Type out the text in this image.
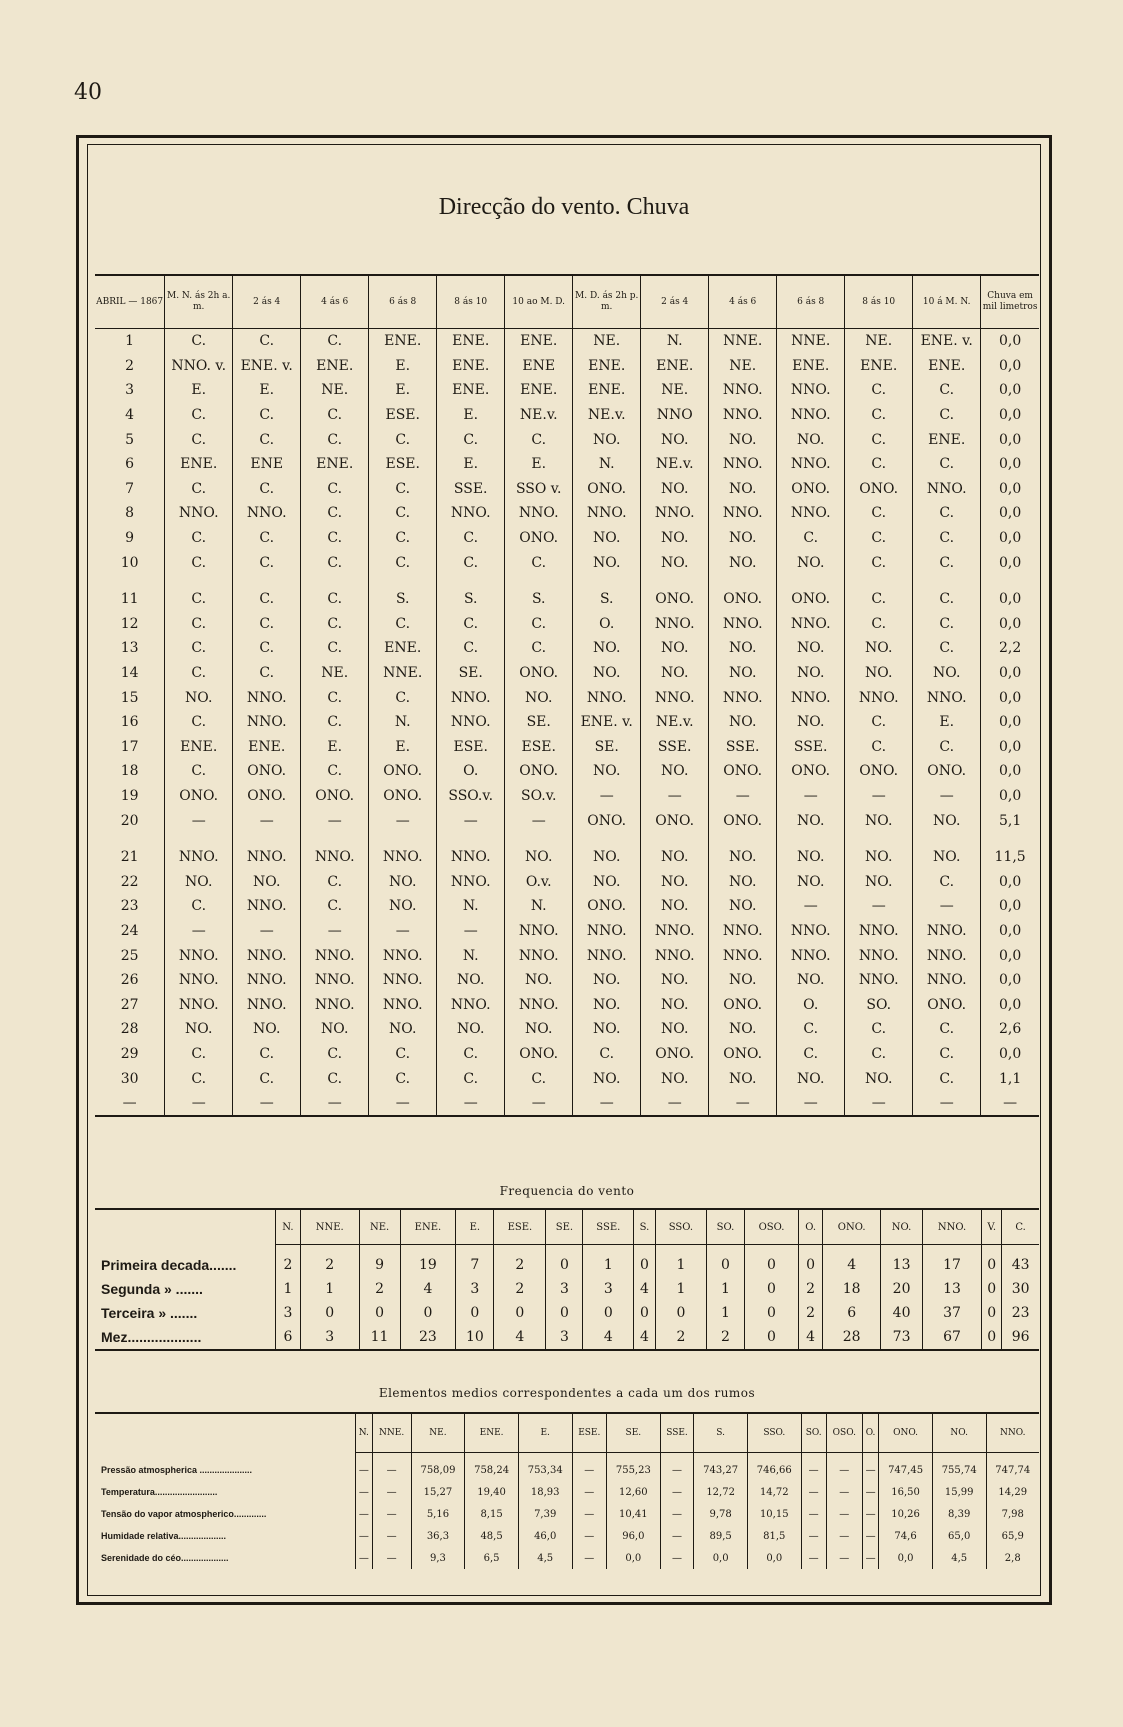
40
Direcção do vento. Chuva
ABRIL — 1867	M. N. ás 2h a. m.	2 ás 4	4 ás 6	6 ás 8	8 ás 10	10 ao M. D.	M. D. ás 2h p. m.	2 ás 4	4 ás 6	6 ás 8	8 ás 10	10 á M. N.	Chuva em mil limetros
1	C.	C.	C.	ENE.	ENE.	ENE.	NE.	N.	NNE.	NNE.	NE.	ENE. v.	0,0
2	NNO. v.	ENE. v.	ENE.	E.	ENE.	ENE	ENE.	ENE.	NE.	ENE.	ENE.	ENE.	0,0
3	E.	E.	NE.	E.	ENE.	ENE.	ENE.	NE.	NNO.	NNO.	C.	C.	0,0
4	C.	C.	C.	ESE.	E.	NE.v.	NE.v.	NNO	NNO.	NNO.	C.	C.	0,0
5	C.	C.	C.	C.	C.	C.	NO.	NO.	NO.	NO.	C.	ENE.	0,0
6	ENE.	ENE	ENE.	ESE.	E.	E.	N.	NE.v.	NNO.	NNO.	C.	C.	0,0
7	C.	C.	C.	C.	SSE.	SSO v.	ONO.	NO.	NO.	ONO.	ONO.	NNO.	0,0
8	NNO.	NNO.	C.	C.	NNO.	NNO.	NNO.	NNO.	NNO.	NNO.	C.	C.	0,0
9	C.	C.	C.	C.	C.	ONO.	NO.	NO.	NO.	C.	C.	C.	0,0
10	C.	C.	C.	C.	C.	C.	NO.	NO.	NO.	NO.	C.	C.	0,0

11	C.	C.	C.	S.	S.	S.	S.	ONO.	ONO.	ONO.	C.	C.	0,0
12	C.	C.	C.	C.	C.	C.	O.	NNO.	NNO.	NNO.	C.	C.	0,0
13	C.	C.	C.	ENE.	C.	C.	NO.	NO.	NO.	NO.	NO.	C.	2,2
14	C.	C.	NE.	NNE.	SE.	ONO.	NO.	NO.	NO.	NO.	NO.	NO.	0,0
15	NO.	NNO.	C.	C.	NNO.	NO.	NNO.	NNO.	NNO.	NNO.	NNO.	NNO.	0,0
16	C.	NNO.	C.	N.	NNO.	SE.	ENE. v.	NE.v.	NO.	NO.	C.	E.	0,0
17	ENE.	ENE.	E.	E.	ESE.	ESE.	SE.	SSE.	SSE.	SSE.	C.	C.	0,0
18	C.	ONO.	C.	ONO.	O.	ONO.	NO.	NO.	ONO.	ONO.	ONO.	ONO.	0,0
19	ONO.	ONO.	ONO.	ONO.	SSO.v.	SO.v.	—	—	—	—	—	—	0,0
20	—	—	—	—	—	—	ONO.	ONO.	ONO.	NO.	NO.	NO.	5,1

21	NNO.	NNO.	NNO.	NNO.	NNO.	NO.	NO.	NO.	NO.	NO.	NO.	NO.	11,5
22	NO.	NO.	C.	NO.	NNO.	O.v.	NO.	NO.	NO.	NO.	NO.	C.	0,0
23	C.	NNO.	C.	NO.	N.	N.	ONO.	NO.	NO.	—	—	—	0,0
24	—	—	—	—	—	NNO.	NNO.	NNO.	NNO.	NNO.	NNO.	NNO.	0,0
25	NNO.	NNO.	NNO.	NNO.	N.	NNO.	NNO.	NNO.	NNO.	NNO.	NNO.	NNO.	0,0
26	NNO.	NNO.	NNO.	NNO.	NO.	NO.	NO.	NO.	NO.	NO.	NNO.	NNO.	0,0
27	NNO.	NNO.	NNO.	NNO.	NNO.	NNO.	NO.	NO.	ONO.	O.	SO.	ONO.	0,0
28	NO.	NO.	NO.	NO.	NO.	NO.	NO.	NO.	NO.	C.	C.	C.	2,6
29	C.	C.	C.	C.	C.	ONO.	C.	ONO.	ONO.	C.	C.	C.	0,0
30	C.	C.	C.	C.	C.	C.	NO.	NO.	NO.	NO.	NO.	C.	1,1
—	—	—	—	—	—	—	—	—	—	—	—	—	—
Frequencia do vento
	N.	NNE.	NE.	ENE.	E.	ESE.	SE.	SSE.	S.	SSO.	SO.	OSO.	O.	ONO.	NO.	NNO.	V.	C.
Primeira decada.......	2	2	9	19	7	2	0	1	0	1	0	0	0	4	13	17	0	43
Segunda » .......	1	1	2	4	3	2	3	3	4	1	1	0	2	18	20	13	0	30
Terceira » .......	3	0	0	0	0	0	0	0	0	0	1	0	2	6	40	37	0	23
Mez...................	6	3	11	23	10	4	3	4	4	2	2	0	4	28	73	67	0	96
Elementos medios correspondentes a cada um dos rumos
	N.	NNE.	NE.	ENE.	E.	ESE.	SE.	SSE.	S.	SSO.	SO.	OSO.	O.	ONO.	NO.	NNO.
Pressão atmospherica .....................	—	—	758,09	758,24	753,34	—	755,23	—	743,27	746,66	—	—	—	747,45	755,74	747,74
Temperatura.........................	—	—	15,27	19,40	18,93	—	12,60	—	12,72	14,72	—	—	—	16,50	15,99	14,29
Tensão do vapor atmospherico.............	—	—	5,16	8,15	7,39	—	10,41	—	9,78	10,15	—	—	—	10,26	8,39	7,98
Humidade relativa...................	—	—	36,3	48,5	46,0	—	96,0	—	89,5	81,5	—	—	—	74,6	65,0	65,9
Serenidade do céo...................	—	—	9,3	6,5	4,5	—	0,0	—	0,0	0,0	—	—	—	0,0	4,5	2,8
